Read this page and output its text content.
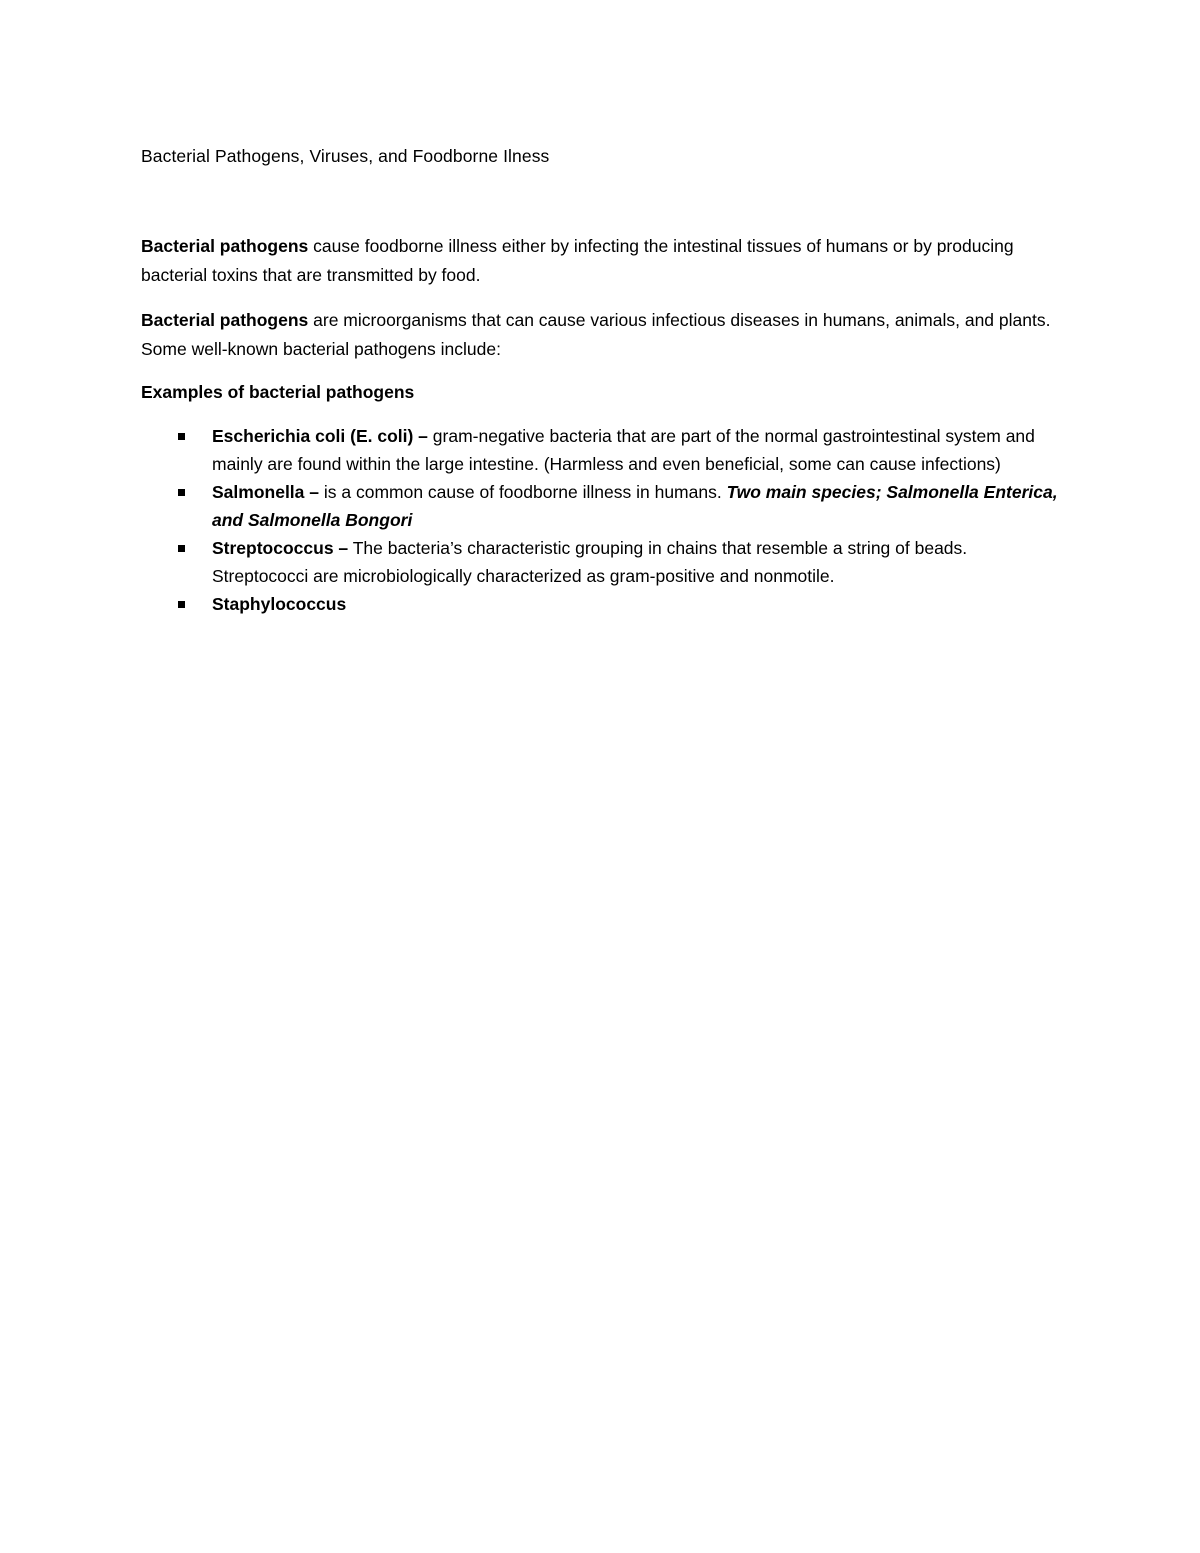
Bacterial Pathogens, Viruses, and Foodborne Ilness

Bacterial pathogens cause foodborne illness either by infecting the intestinal tissues of humans or by producing bacterial toxins that are transmitted by food.

Bacterial pathogens are microorganisms that can cause various infectious diseases in humans, animals, and plants. Some well-known bacterial pathogens include:

Examples of bacterial pathogens

Escherichia coli (E. coli) – gram-negative bacteria that are part of the normal gastrointestinal system and mainly are found within the large intestine. (Harmless and even beneficial, some can cause infections)
Salmonella – is a common cause of foodborne illness in humans. Two main species; Salmonella Enterica, and Salmonella Bongori
Streptococcus – The bacteria’s characteristic grouping in chains that resemble a string of beads. Streptococci are microbiologically characterized as gram-positive and nonmotile.
Staphylococcus
